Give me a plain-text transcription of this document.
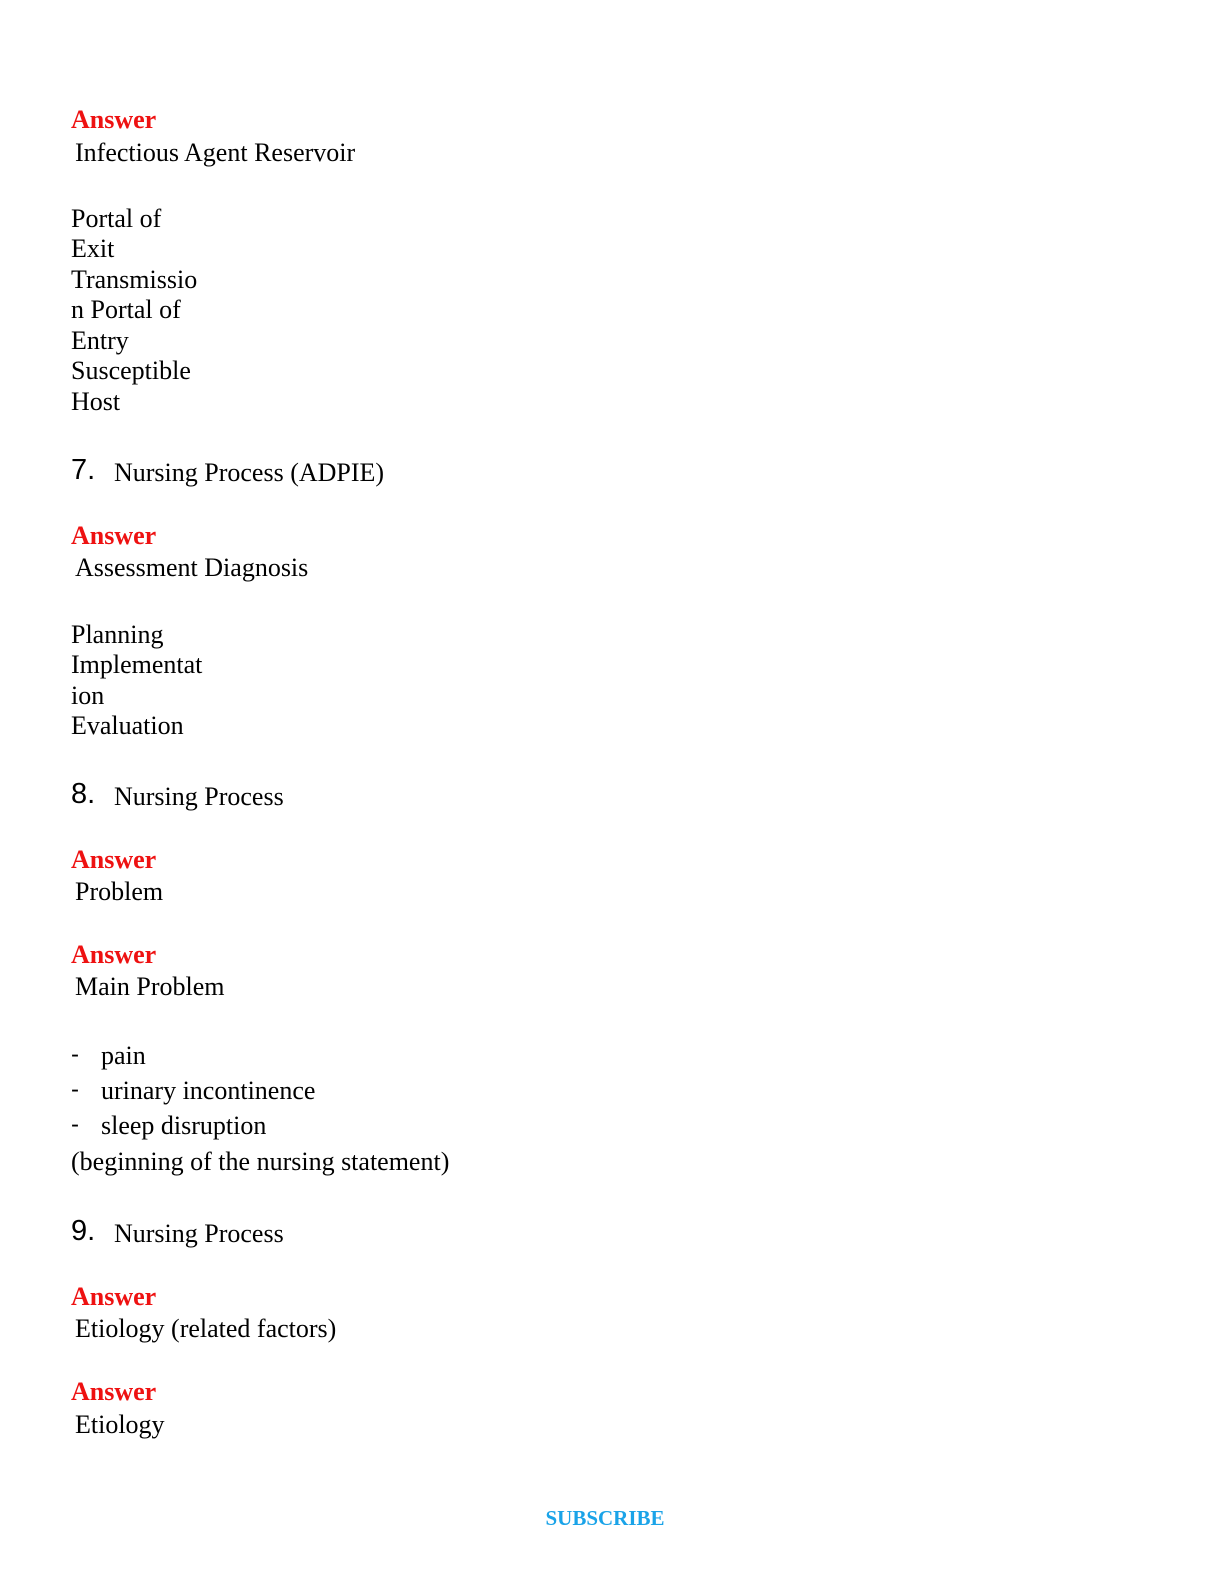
Answer
Infectious Agent Reservoir
Portal of
Exit
Transmissio
n Portal of
Entry
Susceptible
Host
7. Nursing Process (ADPIE)
Answer
Assessment Diagnosis
Planning
Implementat
ion
Evaluation
8. Nursing Process
Answer
Problem
Answer
Main Problem
- pain
- urinary incontinence
- sleep disruption
(beginning of the nursing statement)
9. Nursing Process
Answer
Etiology (related factors)
Answer
Etiology
SUBSCRIBE
